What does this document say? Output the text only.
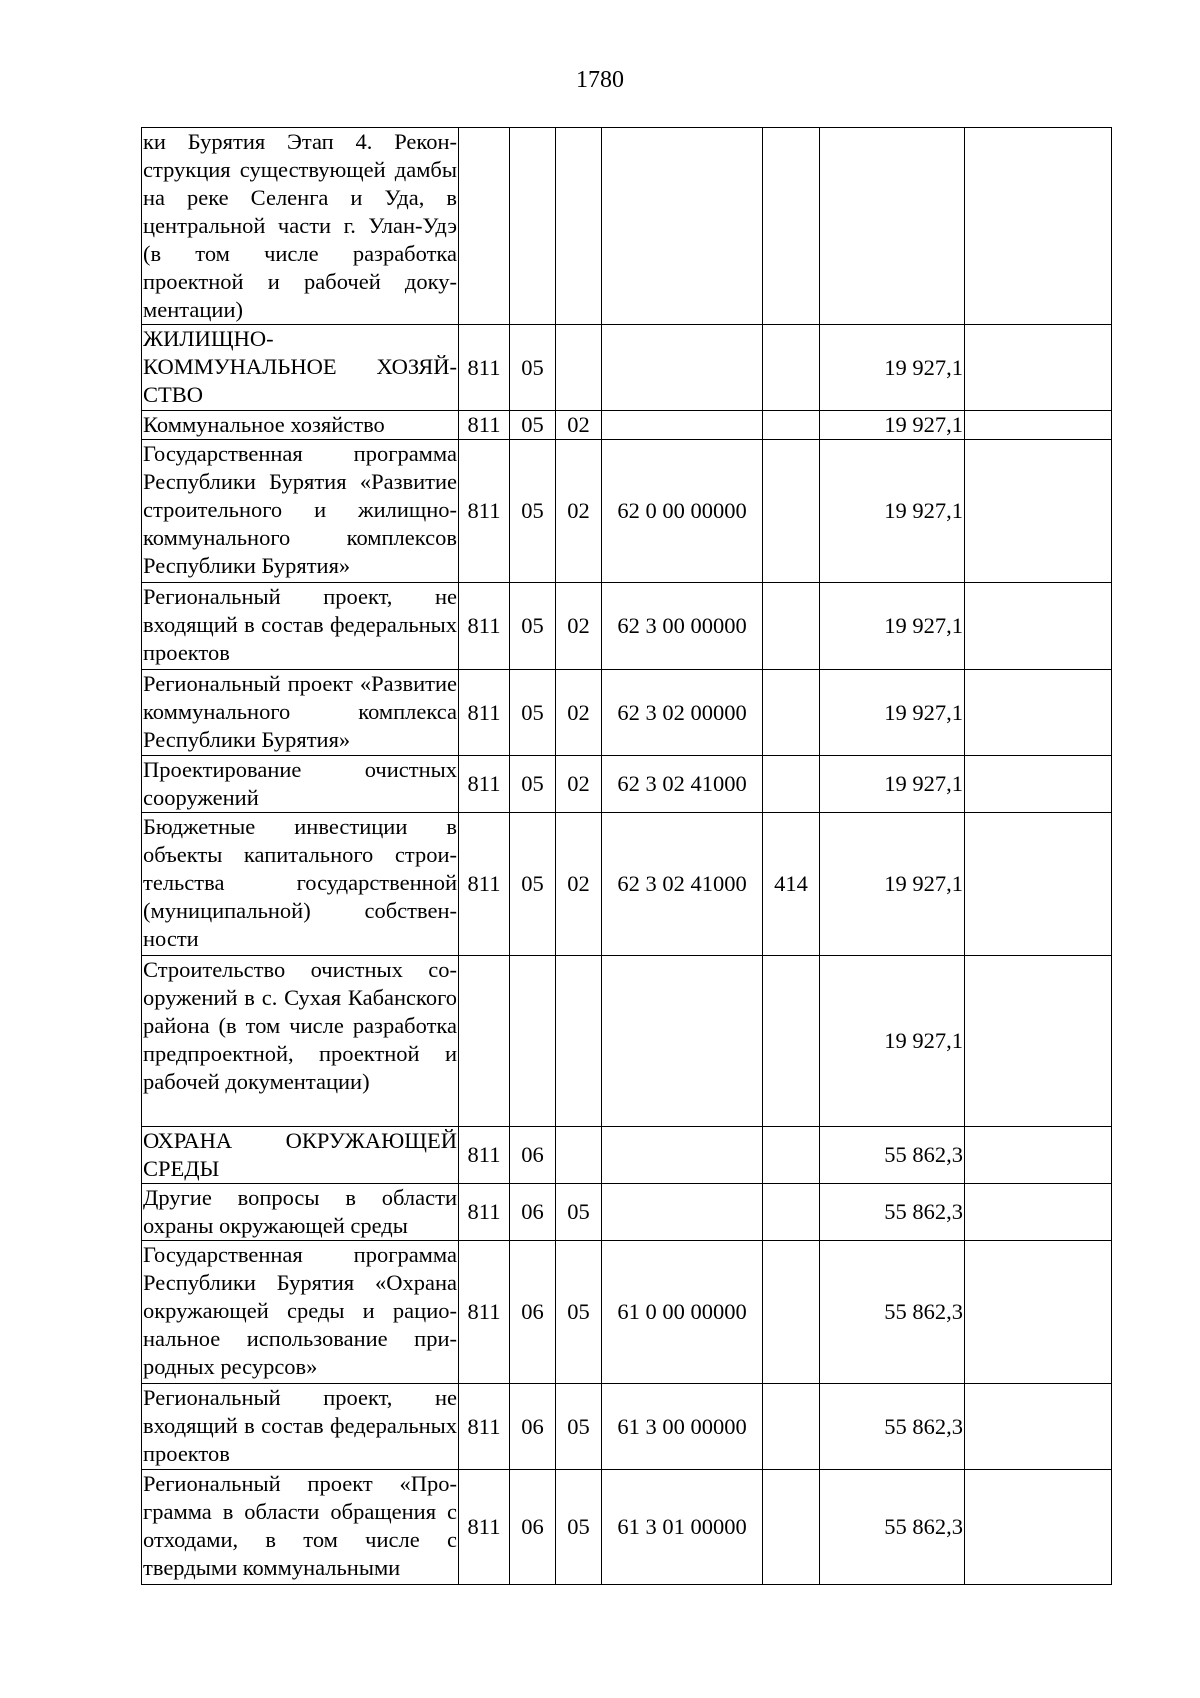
1780
ки Бурятия Этап 4. Реконструкция существующей дамбы на реке Селенга и Уда, в центральной части г. Улан-Удэ (в том числе разработка проектной и рабочей документации)							
ЖИЛИЩНО-КОММУНАЛЬНОЕ ХОЗЯЙСТВО	811	05				19 927,1	
Коммунальное хозяйство	811	05	02			19 927,1	
Государственная программа Республики Бурятия «Развитие строительного и жилищно-коммунального комплексов Республики Бурятия»	811	05	02	62 0 00 00000		19 927,1	
Региональный проект, не входящий в состав федеральных проектов	811	05	02	62 3 00 00000		19 927,1	
Региональный проект «Развитие коммунального комплекса Республики Бурятия»	811	05	02	62 3 02 00000		19 927,1	
Проектирование очистных сооружений	811	05	02	62 3 02 41000		19 927,1	
Бюджетные инвестиции в объекты капитального строительства государственной (муниципальной) собственности	811	05	02	62 3 02 41000	414	19 927,1	
Строительство очистных сооружений в с. Сухая Кабанского района (в том числе разработка предпроектной, проектной и рабочей документации)						19 927,1	
ОХРАНА ОКРУЖАЮЩЕЙ СРЕДЫ	811	06				55 862,3	
Другие вопросы в области охраны окружающей среды	811	06	05			55 862,3	
Государственная программа Республики Бурятия «Охрана окружающей среды и рациональное использование природных ресурсов»	811	06	05	61 0 00 00000		55 862,3	
Региональный проект, не входящий в состав федеральных проектов	811	06	05	61 3 00 00000		55 862,3	
Региональный проект «Программа в области обращения с отходами, в том числе с твердыми коммунальными	811	06	05	61 3 01 00000		55 862,3	
